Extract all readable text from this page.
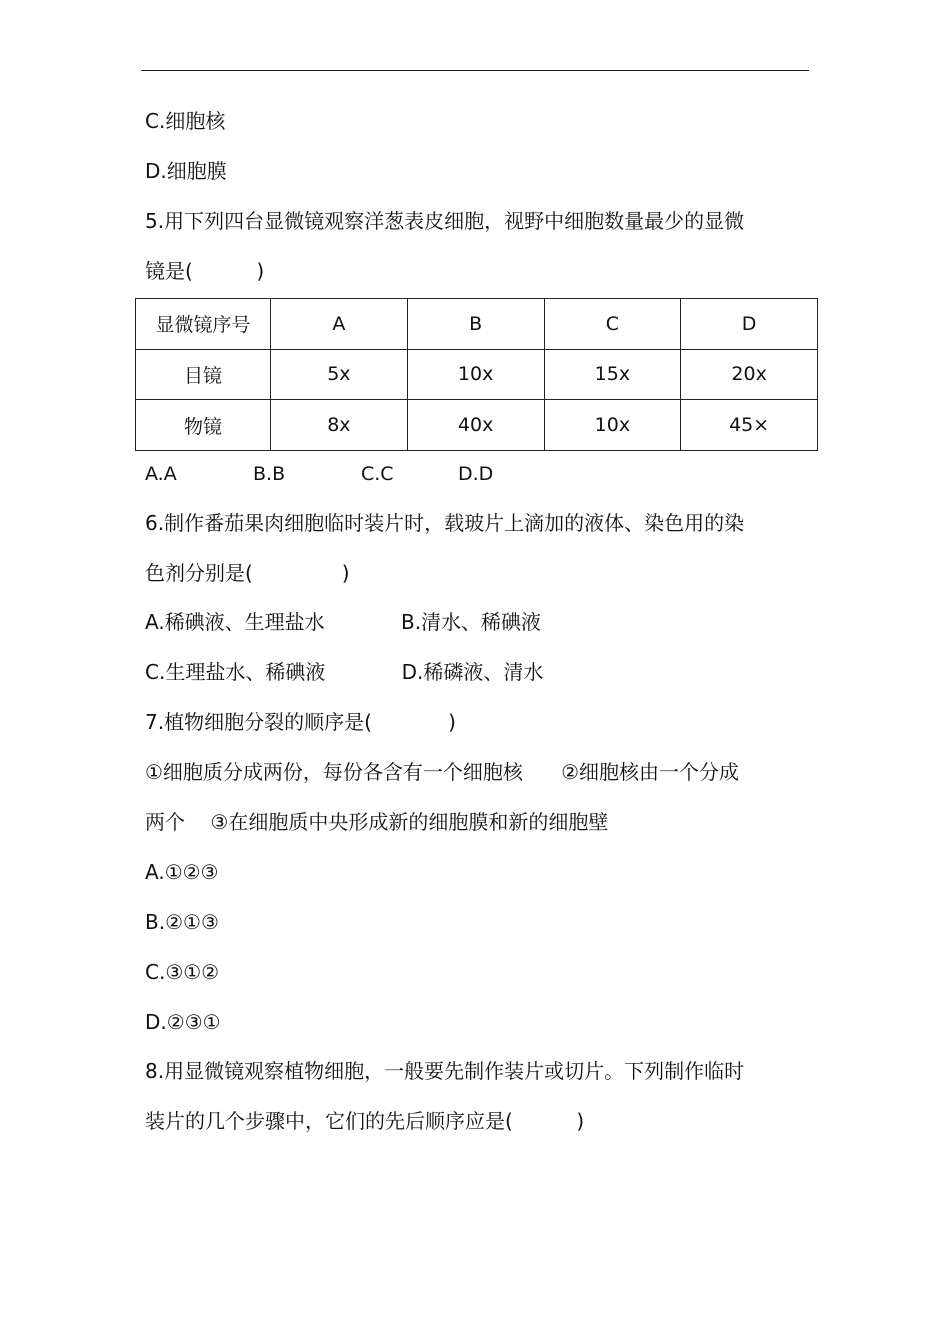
C.细胞核
D.细胞膜
5.用下列四台显微镜观察洋葱表皮细胞，视野中细胞数量最少的显微
镜是(          )
显微镜序号	A	B	C	D
目镜	5x	10x	15x	20x
物镜	8x	40x	10x	45×
A.A	B.B	C.C	D.D
6.制作番茄果肉细胞临时装片时，载玻片上滴加的液体、染色用的染
色剂分别是(              )
A.稀碘液、生理盐水            B.清水、稀碘液
C.生理盐水、稀碘液            D.稀磷液、清水
7.植物细胞分裂的顺序是(            )
①细胞质分成两份，每份各含有一个细胞核      ②细胞核由一个分成
两个    ③在细胞质中央形成新的细胞膜和新的细胞壁
A.①②③
B.②①③
C.③①②
D.②③①
8.用显微镜观察植物细胞，一般要先制作装片或切片。下列制作临时
装片的几个步骤中，它们的先后顺序应是(          )
